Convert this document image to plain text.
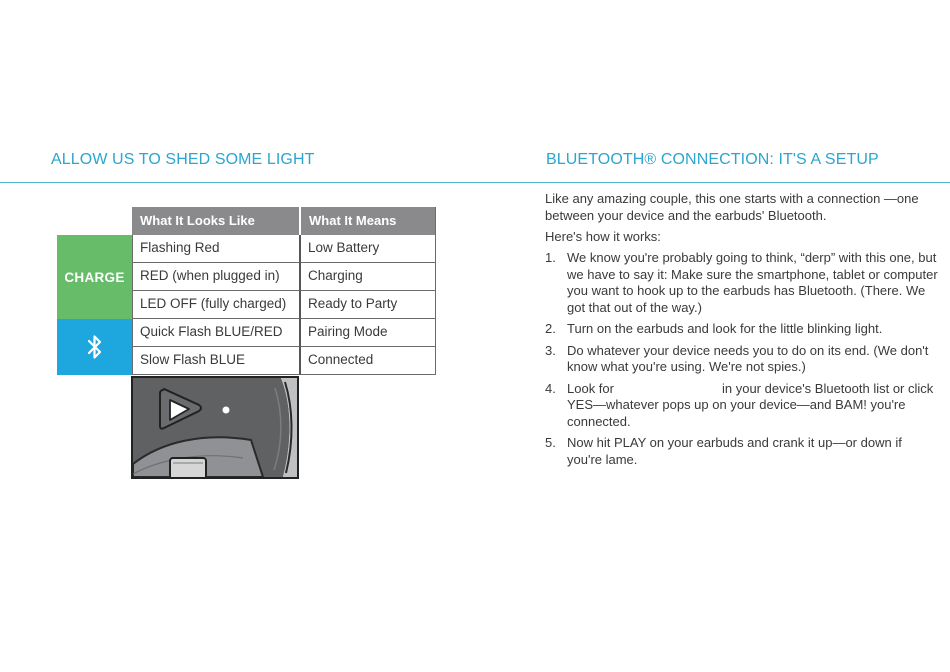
ALLOW US TO SHED SOME LIGHT	BLUETOOTH® CONNECTION: IT'S A SETUP
What It Looks Like	What It Means
CHARGE
Flashing Red	Low Battery
RED (when plugged in)	Charging
LED OFF (fully charged)	Ready to Party
Quick Flash BLUE/RED	Pairing Mode
Slow Flash BLUE	Connected

Like any amazing couple, this one starts with a connection —one between your device and the earbuds' Bluetooth.

Here's how it works:

1. We know you're probably going to think, “derp” with this one, but we have to say it: Make sure the smartphone, tablet or computer you want to hook up to the earbuds has Bluetooth. (There. We got that out of the way.)
2. Turn on the earbuds and look for the little blinking light.
3. Do whatever your device needs you to do on its end. (We don't know what you're using. We're not spies.)
4. Look for	in your device's Bluetooth list or click YES—whatever pops up on your device—and BAM! you're connected.
5. Now hit PLAY on your earbuds and crank it up—or down if you're lame.
